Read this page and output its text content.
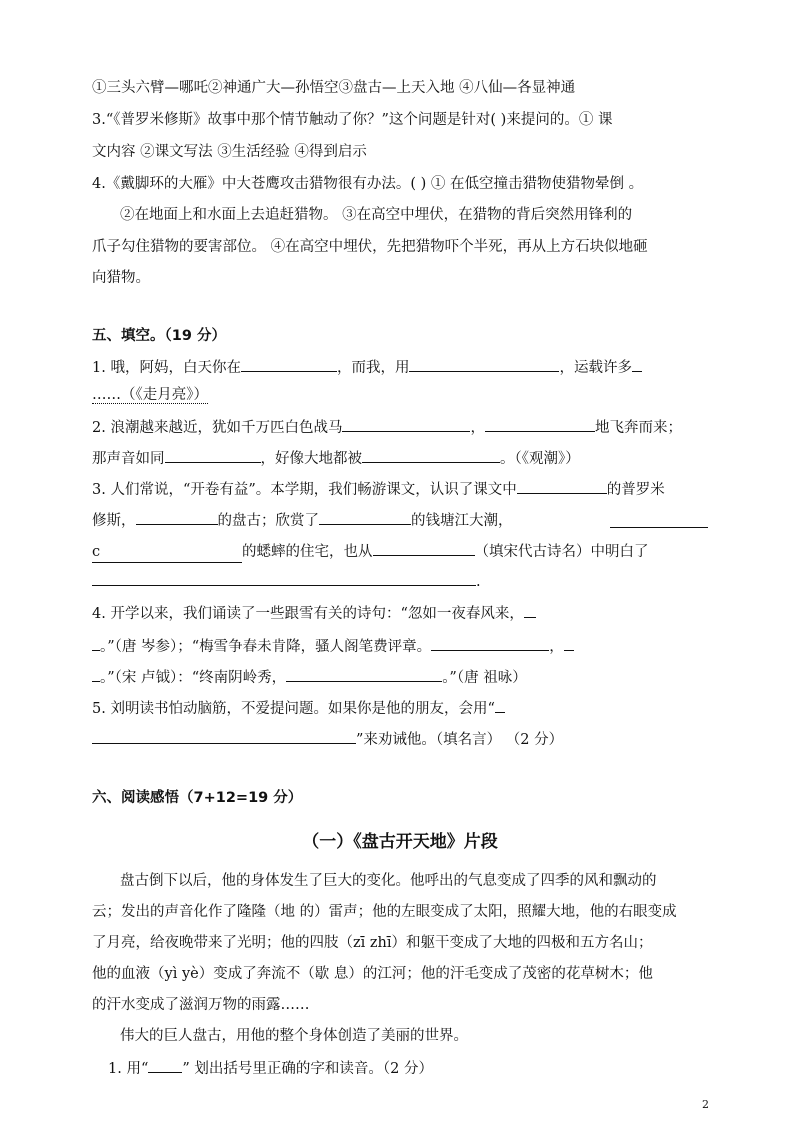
①三头六臂—哪吒②神通广大—孙悟空③盘古—上天入地 ④八仙—各显神通
3.“《普罗米修斯》故事中那个情节触动了你？”这个问题是针对( )来提问的。① 课
文内容 ②课文写法 ③生活经验 ④得到启示
4.《戴脚环的大雁》中大苍鹰攻击猎物很有办法。( ) ① 在低空撞击猎物使猎物晕倒 。
②在地面上和水面上去追赶猎物。 ③在高空中埋伏，在猎物的背后突然用锋利的
爪子勾住猎物的要害部位。 ④在高空中埋伏，先把猎物吓个半死，再从上方石块似地砸
向猎物。
五、填空。（19 分）
1. 哦，阿妈，白天你在	，而我，用	，运载许多
……（《走月亮》）
2. 浪潮越来越近，犹如千万匹白色战马	，	地飞奔而来；
那声音如同	，好像大地都被	。（《观潮》）
3. 人们常说，“开卷有益”。本学期，我们畅游课文，认识了课文中	的普罗米
修斯，	的盘古；欣赏了	的钱塘江大潮，
c	的蟋蟀的住宅，也从	（填宋代古诗名）中明白了
.
4. 开学以来，我们诵读了一些跟雪有关的诗句：“忽如一夜春风来，
。”（唐 岑参）；“梅雪争春未肯降，骚人阁笔费评章。	，
。”（宋 卢钺）：“终南阴岭秀，	。”（唐 祖咏）
5. 刘明读书怕动脑筋，不爱提问题。如果你是他的朋友，会用“
”来劝诫他。（填名言） （2 分）
六、阅读感悟（7+12=19 分）
（一）《盘古开天地》片段
盘古倒下以后，他的身体发生了巨大的变化。他呼出的气息变成了四季的风和飘动的
云；发出的声音化作了隆隆（地 的）雷声；他的左眼变成了太阳，照耀大地，他的右眼变成
了月亮，给夜晚带来了光明；他的四肢（zī zhī）和躯干变成了大地的四极和五方名山；
他的血液（yì yè）变成了奔流不（歇 息）的江河；他的汗毛变成了茂密的花草树木；他
的汗水变成了滋润万物的雨露……
伟大的巨人盘古，用他的整个身体创造了美丽的世界。
1. 用“ ” 划出括号里正确的字和读音。（2 分）
2
